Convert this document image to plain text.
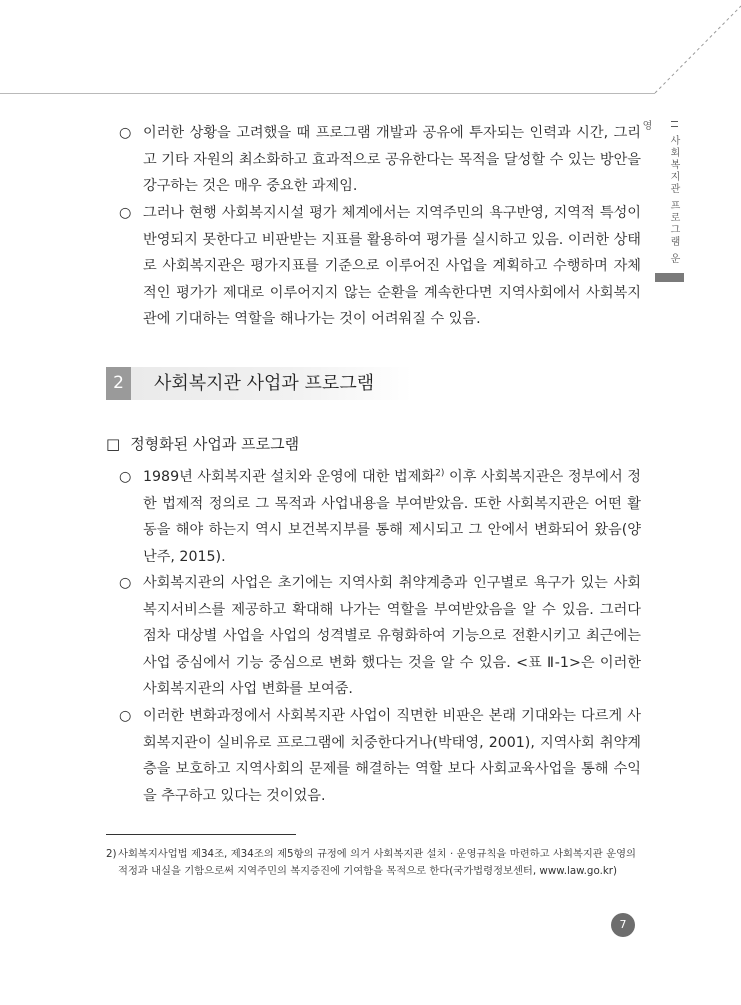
II 사회복지관 프로그램 운영
○ 이러한 상황을 고려했을 때 프로그램 개발과 공유에 투자되는 인력과 시간, 그리고 기타 자원의 최소화하고 효과적으로 공유한다는 목적을 달성할 수 있는 방안을 강구하는 것은 매우 중요한 과제임.
○ 그러나 현행 사회복지시설 평가 체계에서는 지역주민의 욕구반영, 지역적 특성이 반영되지 못한다고 비판받는 지표를 활용하여 평가를 실시하고 있음. 이러한 상태로 사회복지관은 평가지표를 기준으로 이루어진 사업을 계획하고 수행하며 자체적인 평가가 제대로 이루어지지 않는 순환을 계속한다면 지역사회에서 사회복지관에 기대하는 역할을 해나가는 것이 어려워질 수 있음.
2	사회복지관 사업과 프로그램
□ 정형화된 사업과 프로그램
○ 1989년 사회복지관 설치와 운영에 대한 법제화$^{2)}$ 이후 사회복지관은 정부에서 정한 법제적 정의로 그 목적과 사업내용을 부여받았음. 또한 사회복지관은 어떤 활동을 해야 하는지 역시 보건복지부를 통해 제시되고 그 안에서 변화되어 왔음(양난주, 2015).
○ 사회복지관의 사업은 초기에는 지역사회 취약계층과 인구별로 욕구가 있는 사회복지서비스를 제공하고 확대해 나가는 역할을 부여받았음을 알 수 있음. 그러다 점차 대상별 사업을 사업의 성격별로 유형화하여 기능으로 전환시키고 최근에는 사업 중심에서 기능 중심으로 변화 했다는 것을 알 수 있음. <표 Ⅱ-1>은 이러한 사회복지관의 사업 변화를 보여줌.
○ 이러한 변화과정에서 사회복지관 사업이 직면한 비판은 본래 기대와는 다르게 사회복지관이 실비유로 프로그램에 치중한다거나(박태영, 2001), 지역사회 취약계층을 보호하고 지역사회의 문제를 해결하는 역할 보다 사회교육사업을 통해 수익을 추구하고 있다는 것이었음.
2) 사회복지사업법 제34조, 제34조의 제5항의 규정에 의거 사회복지관 설치 · 운영규칙을 마련하고 사회복지관 운영의 적정과 내실을 기함으로써 지역주민의 복지증진에 기여함을 목적으로 한다(국가법령정보센터, www.law.go.kr)
7
